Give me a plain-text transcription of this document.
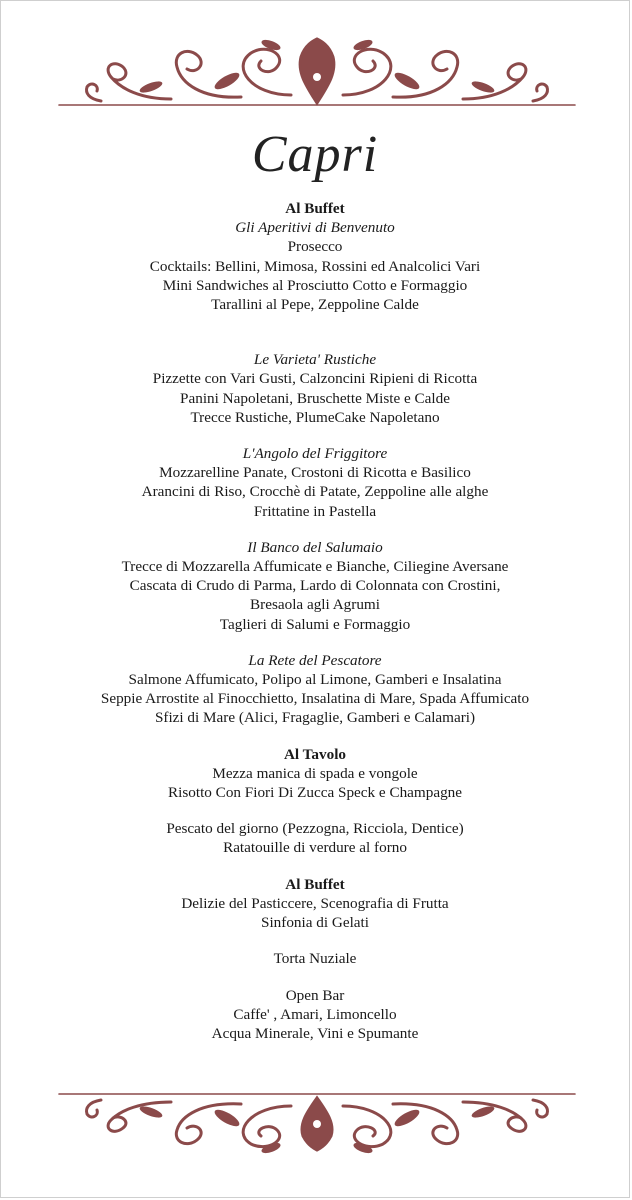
Capri
Al Buffet
Gli Aperitivi di Benvenuto
Prosecco
Cocktails: Bellini, Mimosa, Rossini ed Analcolici Vari
Mini Sandwiches al Prosciutto Cotto e Formaggio
Tarallini al Pepe, Zeppoline Calde
Le Varieta' Rustiche
Pizzette con Vari Gusti, Calzoncini Ripieni di Ricotta
Panini Napoletani, Bruschette Miste e Calde
Trecce Rustiche, PlumeCake Napoletano
L'Angolo del Friggitore
Mozzarelline Panate, Crostoni di Ricotta e Basilico
Arancini di Riso, Crocchè di Patate, Zeppoline alle alghe
Frittatine in Pastella
Il Banco del Salumaio
Trecce di Mozzarella Affumicate e Bianche, Ciliegine Aversane
Cascata di Crudo di Parma, Lardo di Colonnata con Crostini,
Bresaola agli Agrumi
Taglieri di Salumi e Formaggio
La Rete del Pescatore
Salmone Affumicato, Polipo al Limone, Gamberi e Insalatina
Seppie Arrostite al Finocchietto, Insalatina di Mare, Spada Affumicato
Sfizi di Mare (Alici, Fragaglie, Gamberi e Calamari)
Al Tavolo
Mezza manica di spada e vongole
Risotto Con Fiori Di Zucca Speck e Champagne
Pescato del giorno (Pezzogna, Ricciola, Dentice)
Ratatouille di verdure al forno
Al Buffet
Delizie del Pasticcere, Scenografia di Frutta
Sinfonia di Gelati
Torta Nuziale
Open Bar
Caffe' , Amari, Limoncello
Acqua Minerale, Vini e Spumante
